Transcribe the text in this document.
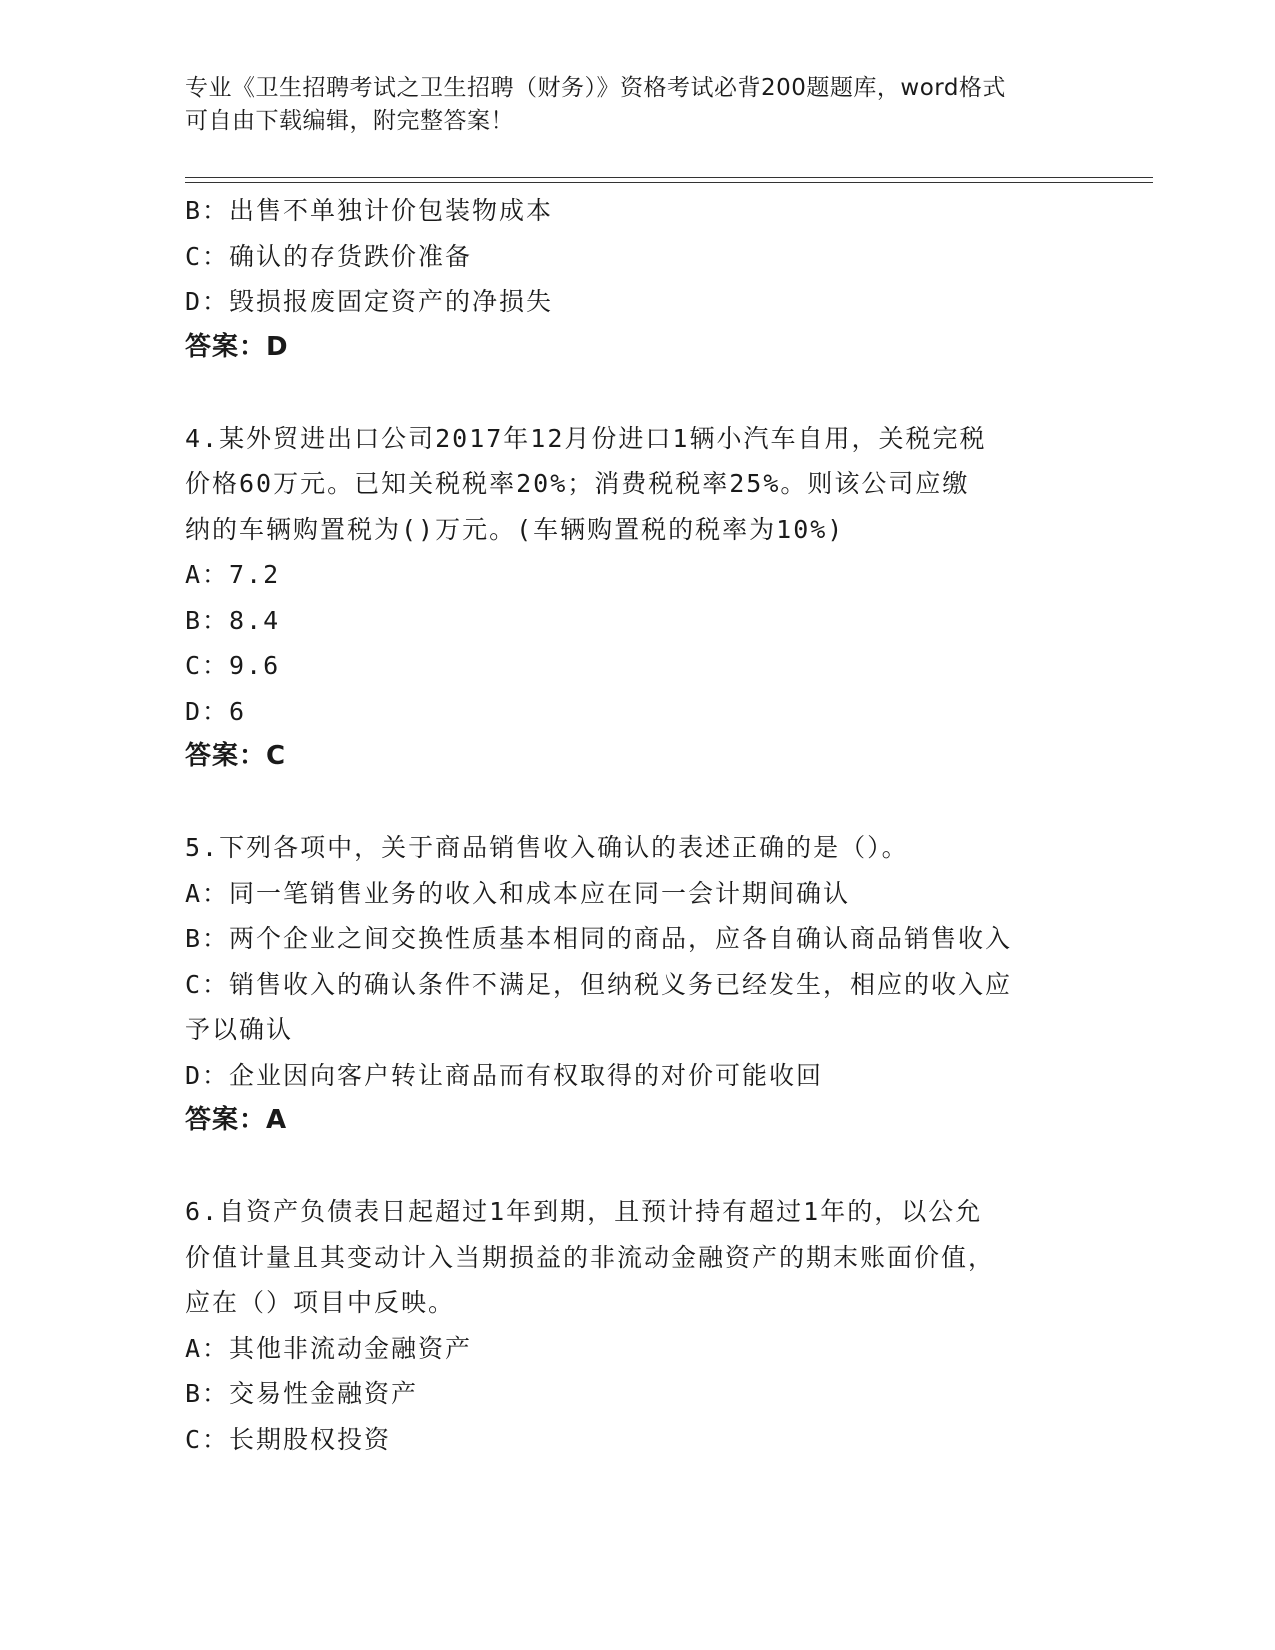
专业《卫生招聘考试之卫生招聘（财务）》资格考试必背200题题库，word格式
可自由下载编辑，附完整答案！
B：出售不单独计价包装物成本
C：确认的存货跌价准备
D：毁损报废固定资产的净损失
答案：D
4.某外贸进出口公司2017年12月份进口1辆小汽车自用，关税完税
价格60万元。已知关税税率20%；消费税税率25%。则该公司应缴
纳的车辆购置税为()万元。(车辆购置税的税率为10%)
A：7.2
B：8.4
C：9.6
D：6
答案：C
5.下列各项中，关于商品销售收入确认的表述正确的是（）。
A：同一笔销售业务的收入和成本应在同一会计期间确认
B：两个企业之间交换性质基本相同的商品，应各自确认商品销售收入
C：销售收入的确认条件不满足，但纳税义务已经发生，相应的收入应
予以确认
D：企业因向客户转让商品而有权取得的对价可能收回
答案：A
6.自资产负债表日起超过1年到期，且预计持有超过1年的，以公允
价值计量且其变动计入当期损益的非流动金融资产的期末账面价值，
应在（）项目中反映。
A：其他非流动金融资产
B：交易性金融资产
C：长期股权投资
